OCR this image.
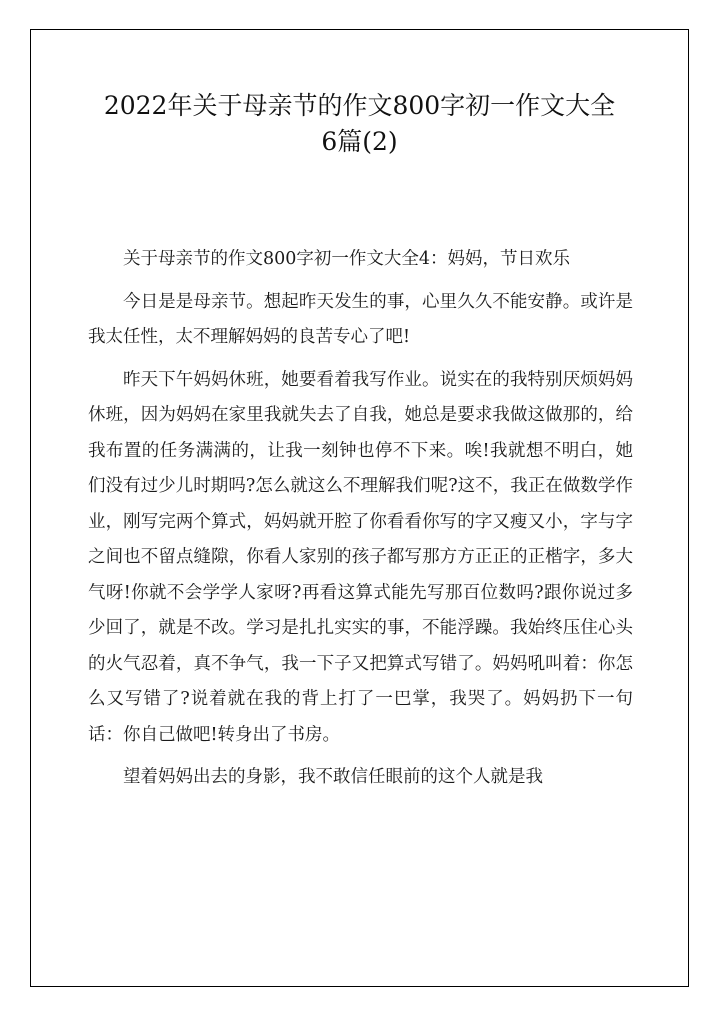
2022年关于母亲节的作文800字初一作文大全
6篇(2)

关于母亲节的作文800字初一作文大全4：妈妈，节日欢乐

今日是是母亲节。想起昨天发生的事，心里久久不能安静。或许是我太任性，太不理解妈妈的良苦专心了吧!

昨天下午妈妈休班，她要看着我写作业。说实在的我特别厌烦妈妈休班，因为妈妈在家里我就失去了自我，她总是要求我做这做那的，给我布置的任务满满的，让我一刻钟也停不下来。唉!我就想不明白，她们没有过少儿时期吗?怎么就这么不理解我们呢?这不，我正在做数学作业，刚写完两个算式，妈妈就开腔了你看看你写的字又瘦又小，字与字之间也不留点缝隙，你看人家别的孩子都写那方方正正的正楷字，多大气呀!你就不会学学人家呀?再看这算式能先写那百位数吗?跟你说过多少回了，就是不改。学习是扎扎实实的事，不能浮躁。我始终压住心头的火气忍着，真不争气，我一下子又把算式写错了。妈妈吼叫着：你怎么又写错了?说着就在我的背上打了一巴掌，我哭了。妈妈扔下一句话：你自己做吧!转身出了书房。

望着妈妈出去的身影，我不敢信任眼前的这个人就是我
